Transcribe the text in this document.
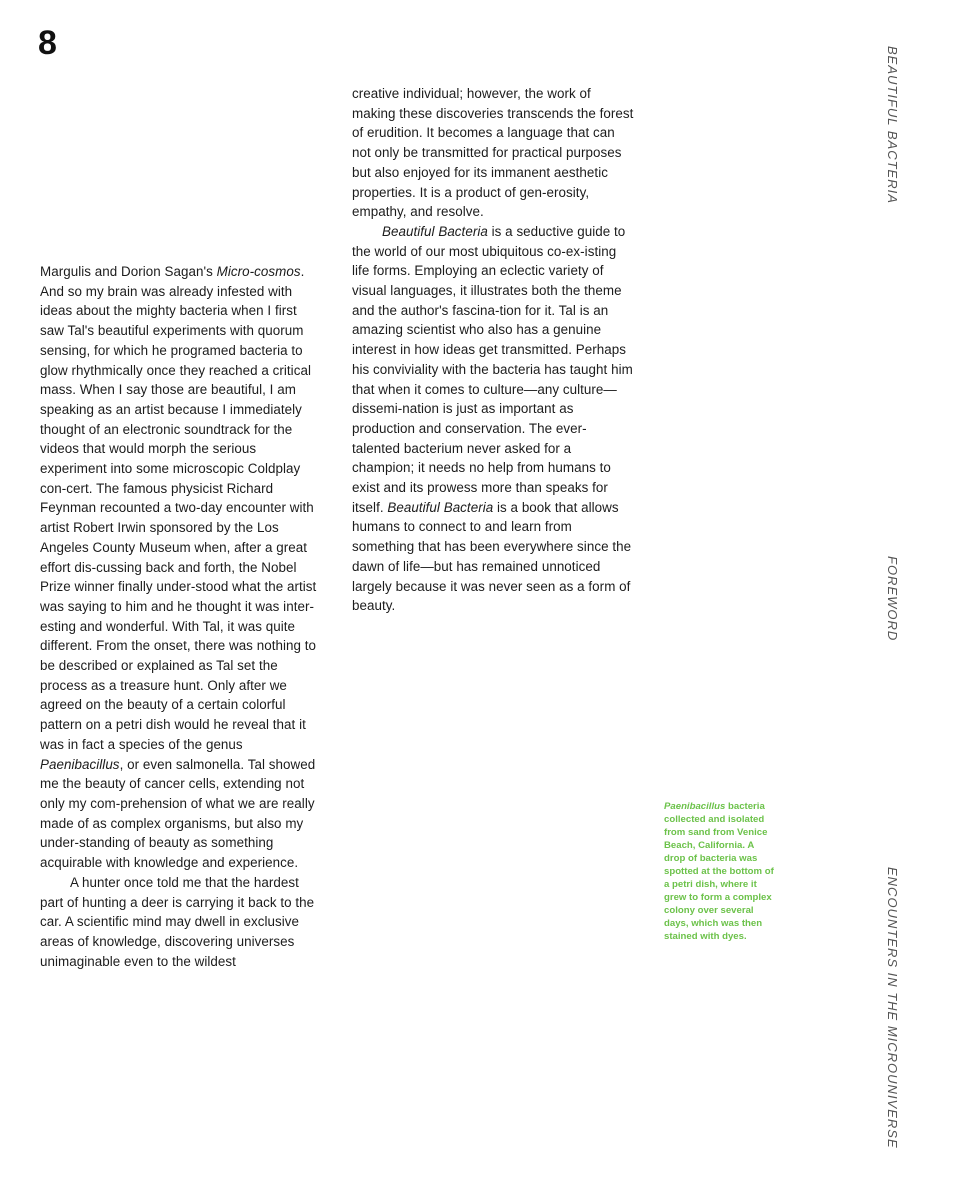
8

Margulis and Dorion Sagan's Micro-cosmos. And so my brain was already infested with ideas about the mighty bacteria when I first saw Tal's beautiful experiments with quorum sensing, for which he programed bacteria to glow rhythmically once they reached a critical mass. When I say those are beautiful, I am speaking as an artist because I immediately thought of an electronic soundtrack for the videos that would morph the serious experiment into some microscopic Coldplay con-cert. The famous physicist Richard Feynman recounted a two-day encounter with artist Robert Irwin sponsored by the Los Angeles County Museum when, after a great effort dis-cussing back and forth, the Nobel Prize winner finally under-stood what the artist was saying to him and he thought it was inter-esting and wonderful. With Tal, it was quite different. From the onset, there was nothing to be described or explained as Tal set the process as a treasure hunt. Only after we agreed on the beauty of a certain colorful pattern on a petri dish would he reveal that it was in fact a species of the genus Paenibacillus, or even salmonella. Tal showed me the beauty of cancer cells, extending not only my com-prehension of what we are really made of as complex organisms, but also my under-standing of beauty as something acquirable with knowledge and experience.

A hunter once told me that the hardest part of hunting a deer is carrying it back to the car. A scientific mind may dwell in exclusive areas of knowledge, discovering universes unimaginable even to the wildest

creative individual; however, the work of making these discoveries transcends the forest of erudition. It becomes a language that can not only be transmitted for practical purposes but also enjoyed for its immanent aesthetic properties. It is a product of gen-erosity, empathy, and resolve.

Beautiful Bacteria is a seductive guide to the world of our most ubiquitous co-ex-isting life forms. Employing an eclectic variety of visual languages, it illustrates both the theme and the author's fascina-tion for it. Tal is an amazing scientist who also has a genuine interest in how ideas get transmitted. Perhaps his conviviality with the bacteria has taught him that when it comes to culture—any culture—dissemi-nation is just as important as production and conservation. The ever-talented bacterium never asked for a champion; it needs no help from humans to exist and its prowess more than speaks for itself. Beautiful Bacteria is a book that allows humans to connect to and learn from something that has been everywhere since the dawn of life—but has remained unnoticed largely because it was never seen as a form of beauty.

Paenibacillus bacteria collected and isolated from sand from Venice Beach, California. A drop of bacteria was spotted at the bottom of a petri dish, where it grew to form a complex colony over several days, which was then stained with dyes.
BEAUTIFUL BACTERIA
FOREWORD
ENCOUNTERS IN THE MICROUNIVERSE
